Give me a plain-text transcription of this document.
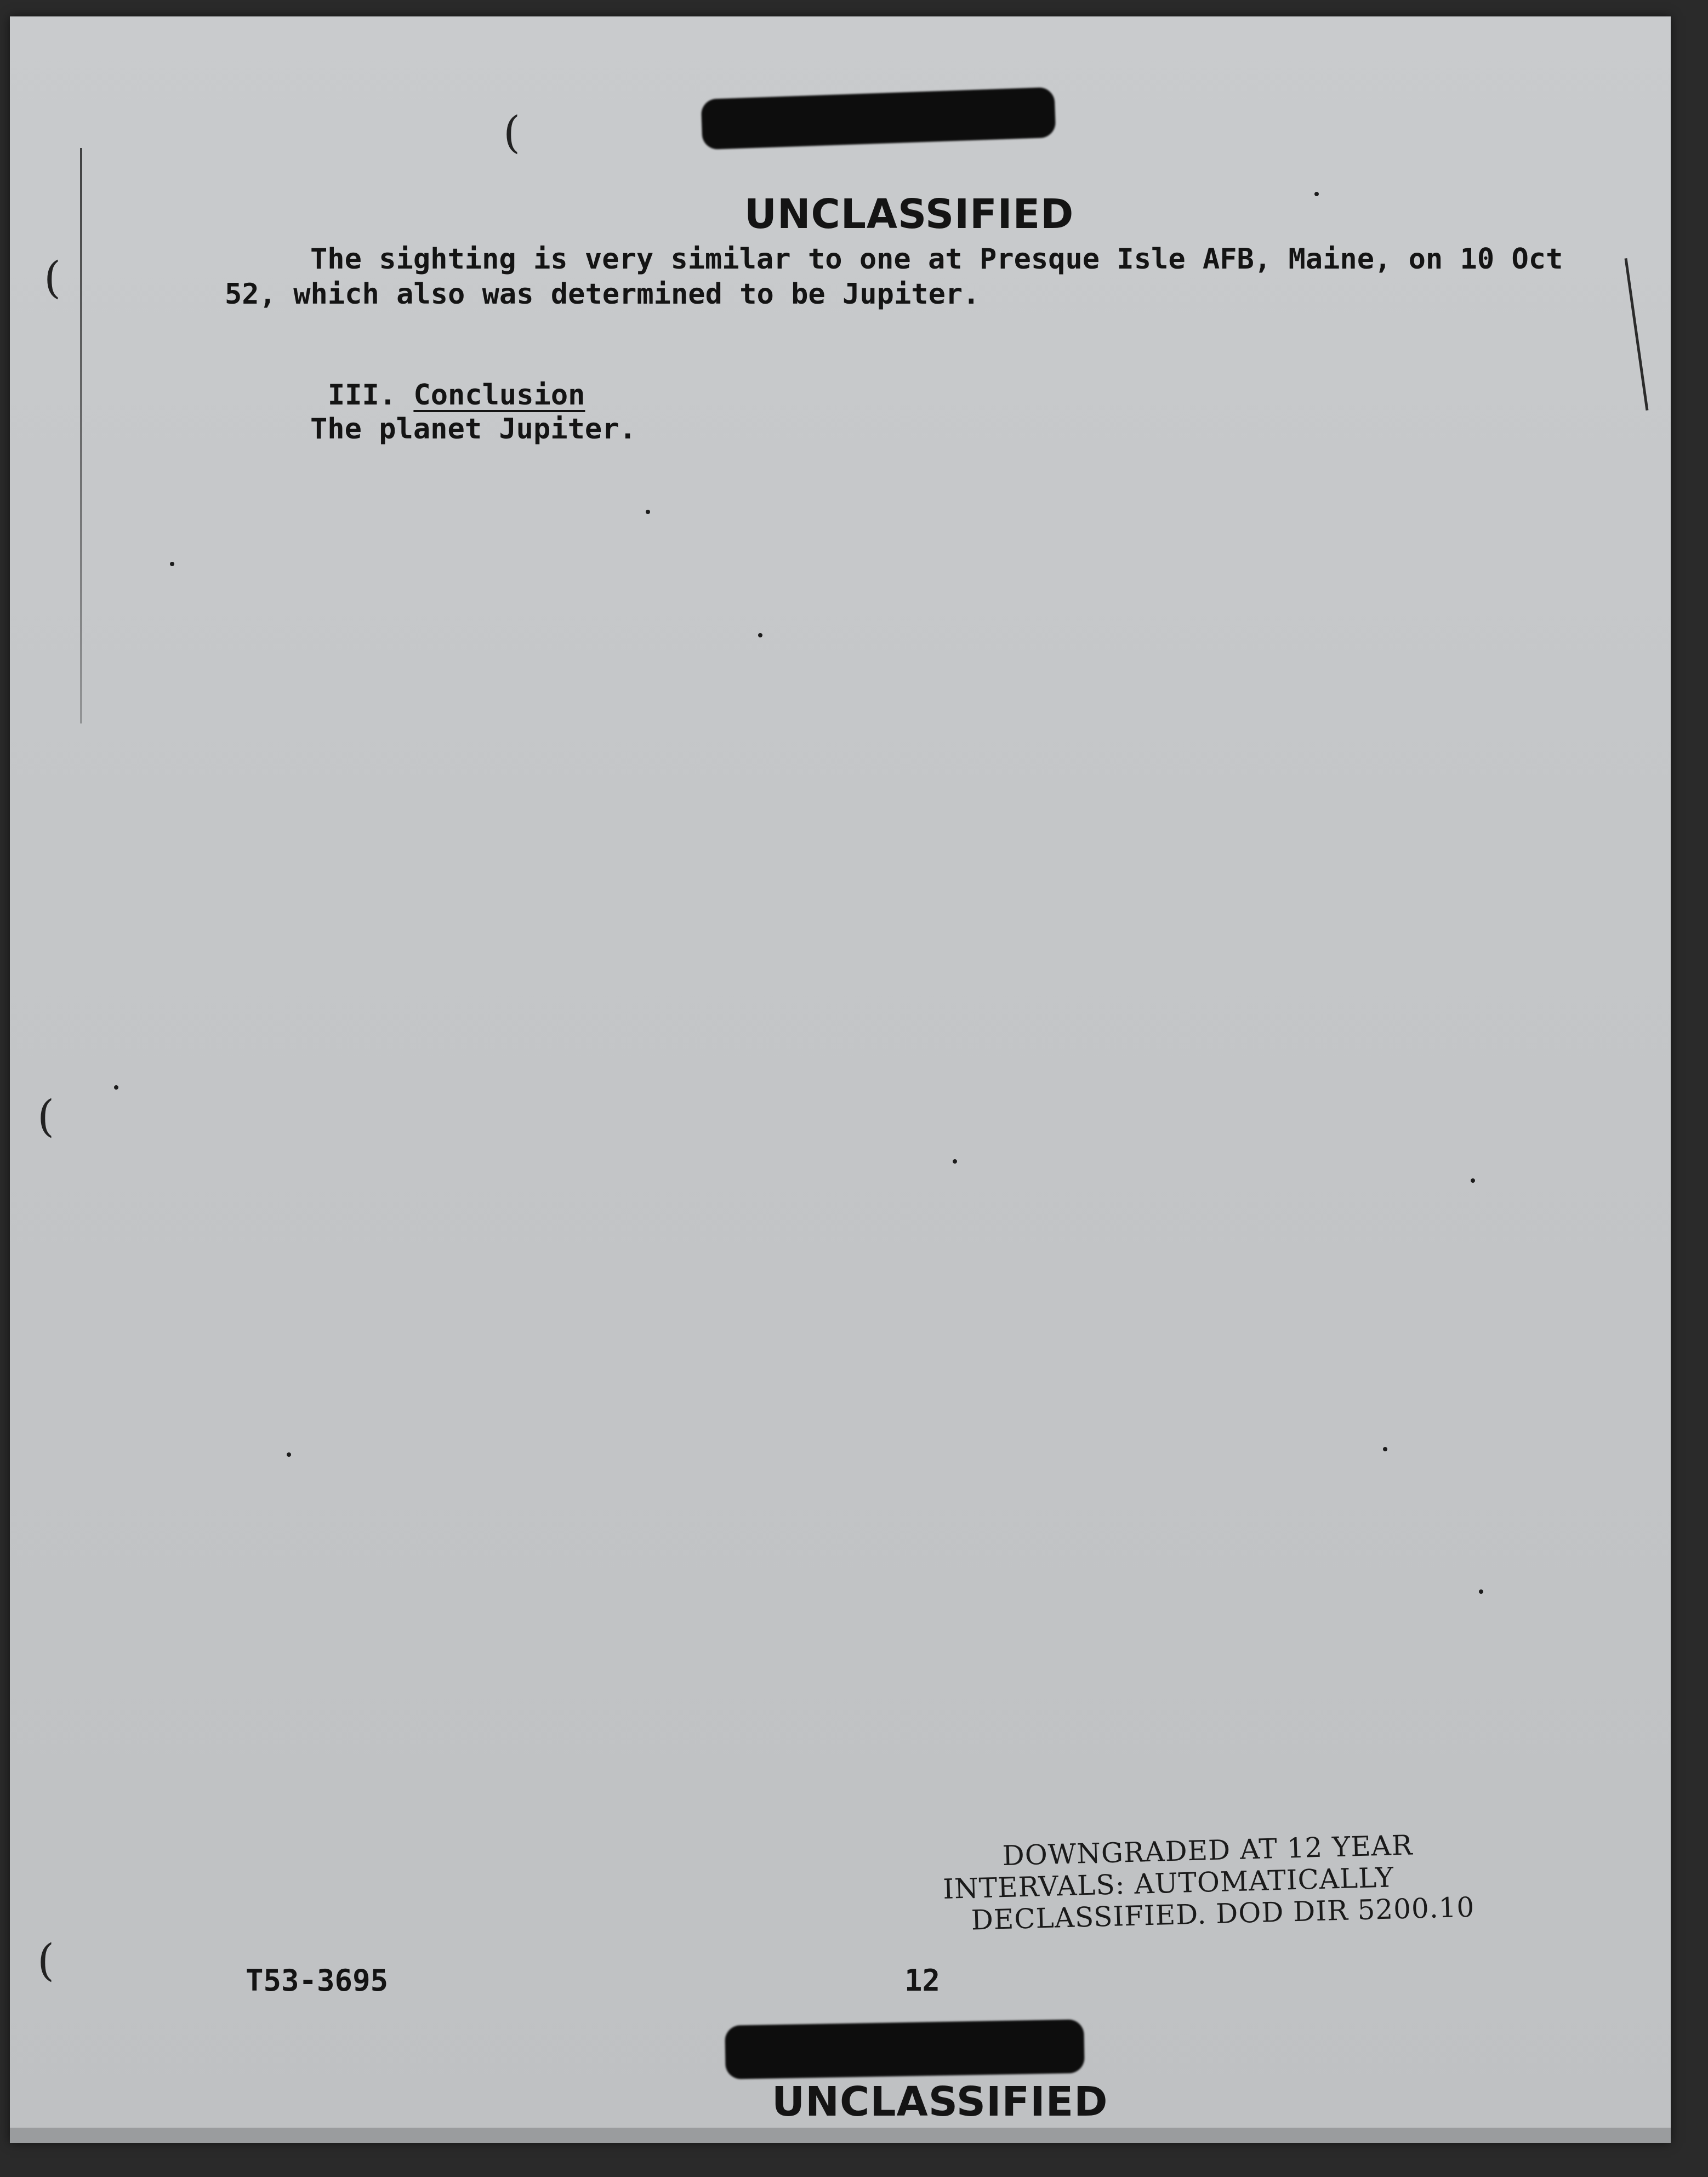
(
(
(
(
UNCLASSIFIED
The sighting is very similar to one at Presque Isle AFB, Maine, on 10 Oct
52, which also was determined to be Jupiter.

III. Conclusion

The planet Jupiter.
DOWNGRADED AT 12 YEAR
INTERVALS: AUTOMATICALLY
DECLASSIFIED. DOD DIR 5200.10
T53-3695	12
UNCLASSIFIED
